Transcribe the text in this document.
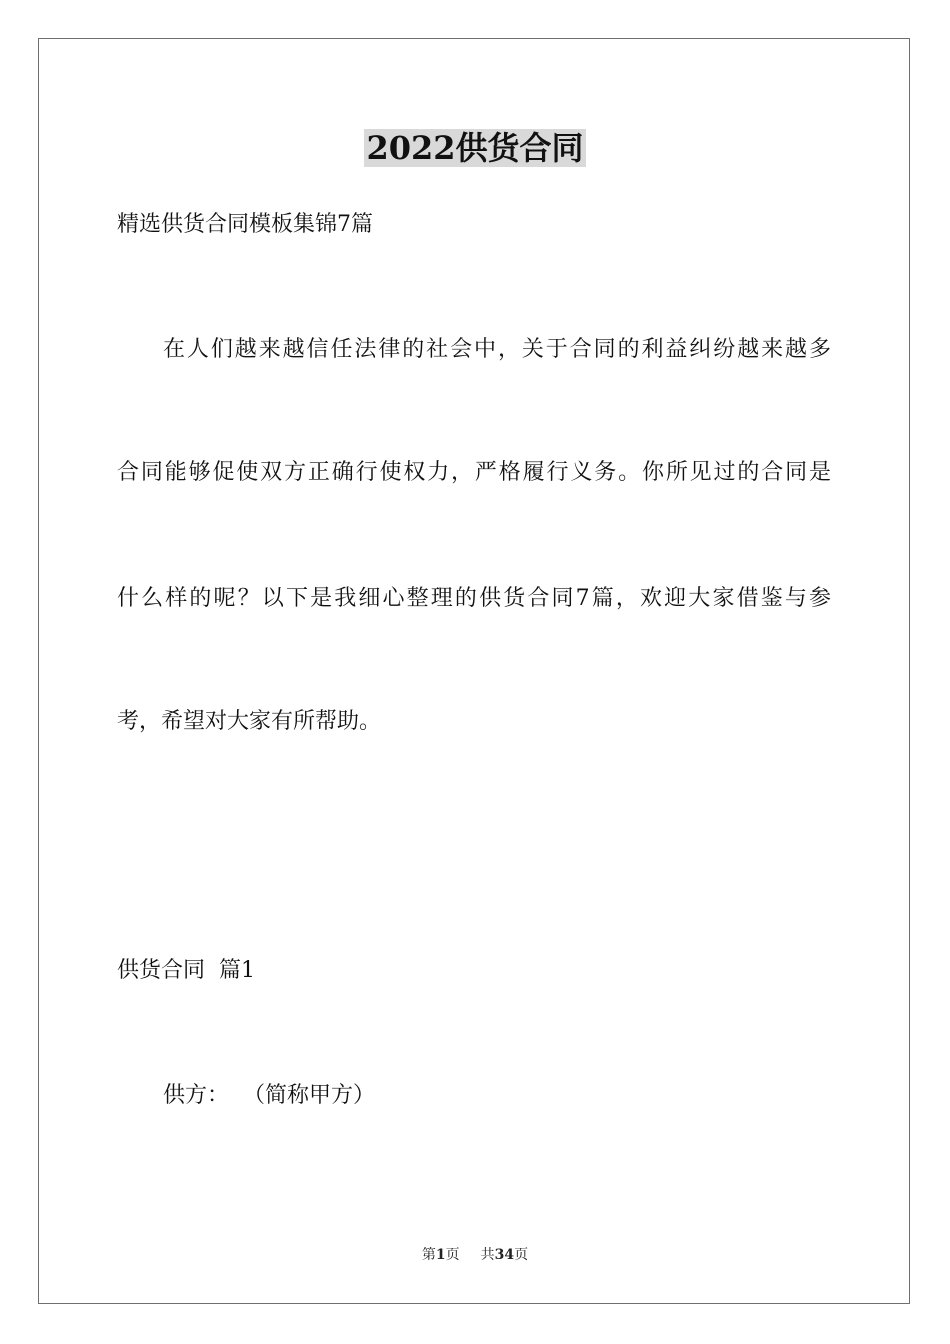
2022供货合同
精选供货合同模板集锦7篇
在人们越来越信任法律的社会中，关于合同的利益纠纷越来越多
合同能够促使双方正确行使权力，严格履行义务。你所见过的合同是
什么样的呢？以下是我细心整理的供货合同7篇，欢迎大家借鉴与参
考，希望对大家有所帮助。
供货合同  篇1
供方：  （简称甲方）
第1页 共34页
